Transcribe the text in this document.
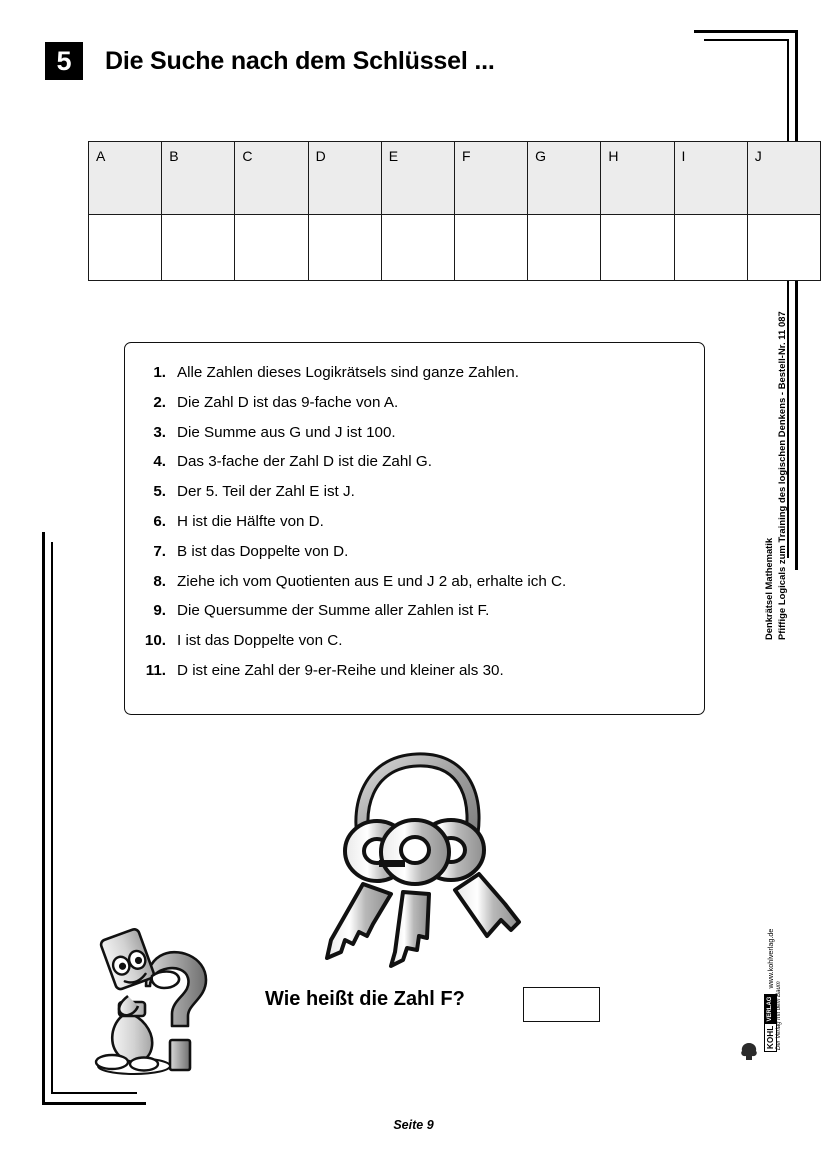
5	Die Suche nach dem Schlüssel ...
A	B	C	D	E	F	G	H	I	J

1. Alle Zahlen dieses Logikrätsels sind ganze Zahlen.
2. Die Zahl D ist das 9-fache von A.
3. Die Summe aus G und J ist 100.
4. Das 3-fache der Zahl D ist die Zahl G.
5. Der 5. Teil der Zahl E ist J.
6. H ist die Hälfte von D.
7. B ist das Doppelte von D.
8. Ziehe ich vom Quotienten aus E und J 2 ab, erhalte ich C.
9. Die Quersumme der Summe aller Zahlen ist F.
10. I ist das Doppelte von C.
11. D ist eine Zahl der 9-er-Reihe und kleiner als 30.
Wie heißt die Zahl F?
Seite 9
Denkrätsel Mathematik Pfiffige Logicals zum Training des logischen Denkens - Bestell-Nr. 11 087
KOHL
VERLAG
www.kohlverlag.de
Der Verlag mit dem Baum
